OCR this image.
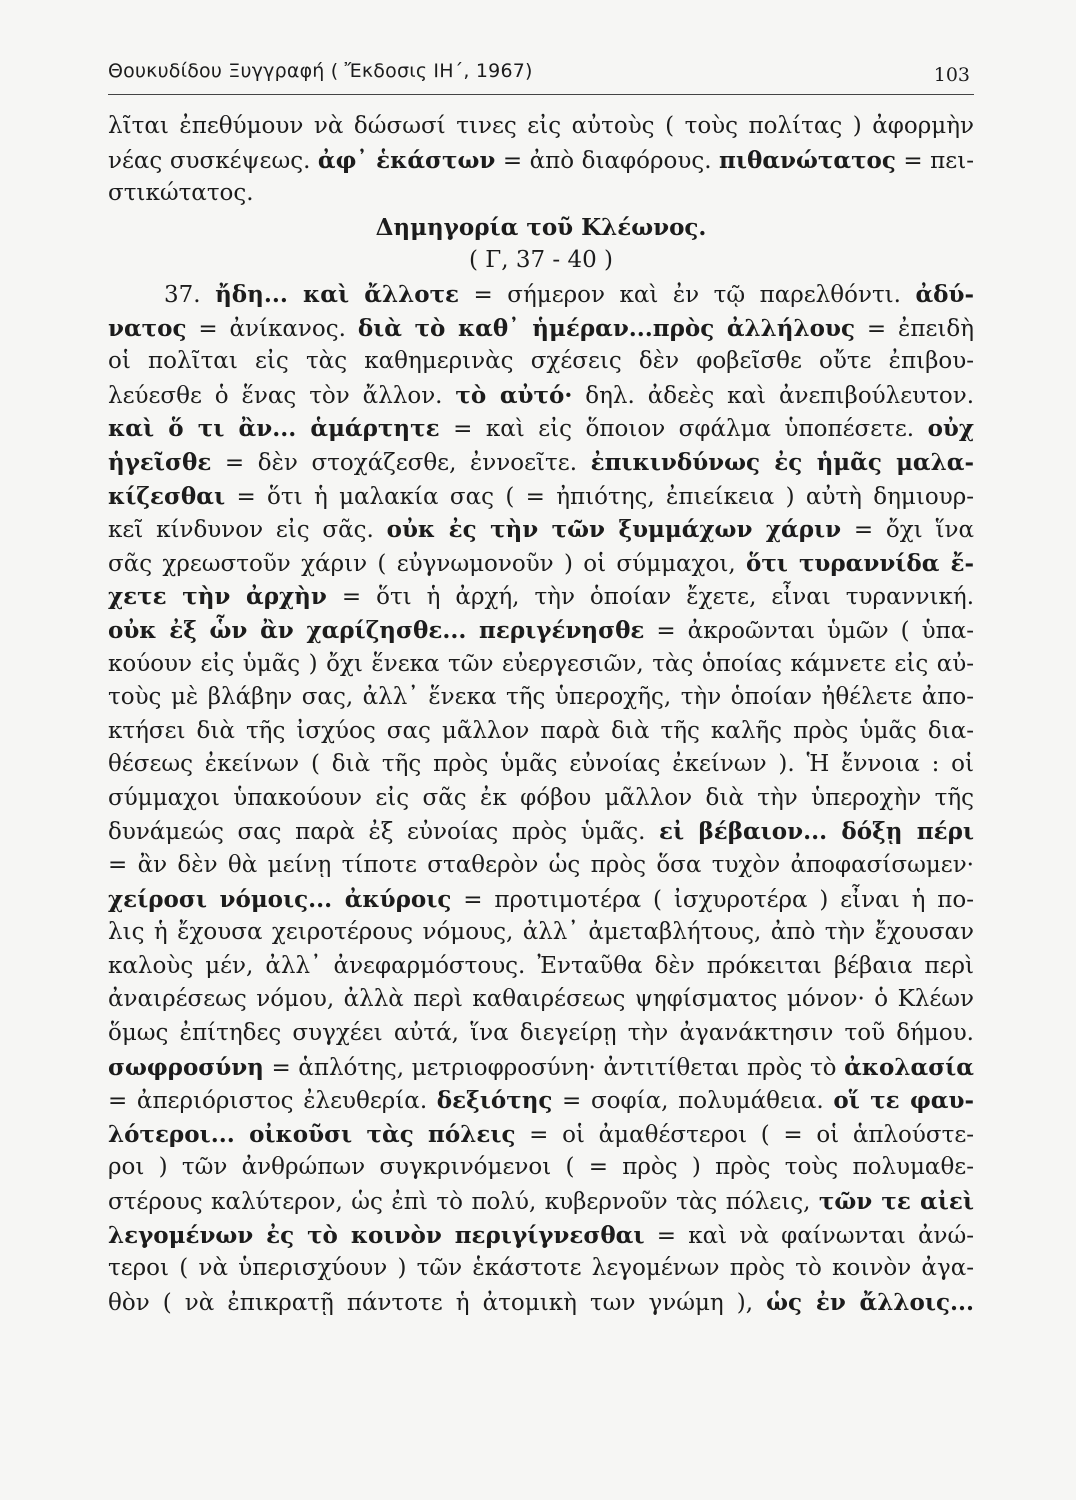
Θουκυδίδου Ξυγγραφή ( Ἔκδοσις ΙΗ΄, 1967)	103
λῖται ἐπεθύμουν νὰ δώσωσί τινες εἰς αὐτοὺς ( τοὺς πολίτας ) ἀφορμὴν
νέας συσκέψεως. ἀφ᾽ ἑκάστων = ἀπὸ διαφόρους. πιθανώτατος = πει-
στικώτατος.
Δημηγορία τοῦ Κλέωνος.
( Γ, 37 - 40 )
37. ἤδη... καὶ ἄλλοτε = σήμερον καὶ ἐν τῷ παρελθόντι. ἀδύ-
νατος = ἀνίκανος. διὰ τὸ καθ᾽ ἡμέραν...πρὸς ἀλλήλους = ἐπειδὴ
οἱ πολῖται εἰς τὰς καθημερινὰς σχέσεις δὲν φοβεῖσθε οὔτε ἐπιβου-
λεύεσθε ὁ ἕνας τὸν ἄλλον. τὸ αὐτό· δηλ. ἀδεὲς καὶ ἀνεπιβούλευτον.
καὶ ὅ τι ἂν... ἁμάρτητε = καὶ εἰς ὅποιον σφάλμα ὑποπέσετε. οὐχ
ἡγεῖσθε = δὲν στοχάζεσθε, ἐννοεῖτε. ἐπικινδύνως ἐς ἡμᾶς μαλα-
κίζεσθαι = ὅτι ἡ μαλακία σας ( = ἠπιότης, ἐπιείκεια ) αὐτὴ δημιουρ-
κεῖ κίνδυνον εἰς σᾶς. οὐκ ἐς τὴν τῶν ξυμμάχων χάριν = ὄχι ἵνα
σᾶς χρεωστοῦν χάριν ( εὐγνωμονοῦν ) οἱ σύμμαχοι, ὅτι τυραννίδα ἔ-
χετε τὴν ἀρχὴν = ὅτι ἡ ἀρχή, τὴν ὁποίαν ἔχετε, εἶναι τυραννική.
οὐκ ἐξ ὧν ἂν χαρίζησθε... περιγένησθε = ἀκροῶνται ὑμῶν ( ὑπα-
κούουν εἰς ὑμᾶς ) ὄχι ἕνεκα τῶν εὐεργεσιῶν, τὰς ὁποίας κάμνετε εἰς αὐ-
τοὺς μὲ βλάβην σας, ἀλλ᾽ ἕνεκα τῆς ὑπεροχῆς, τὴν ὁποίαν ἠθέλετε ἀπο-
κτήσει διὰ τῆς ἰσχύος σας μᾶλλον παρὰ διὰ τῆς καλῆς πρὸς ὑμᾶς δια-
θέσεως ἐκείνων ( διὰ τῆς πρὸς ὑμᾶς εὐνοίας ἐκείνων ). Ἡ ἔννοια : οἱ
σύμμαχοι ὑπακούουν εἰς σᾶς ἐκ φόβου μᾶλλον διὰ τὴν ὑπεροχὴν τῆς
δυνάμεώς σας παρὰ ἐξ εὐνοίας πρὸς ὑμᾶς. εἰ βέβαιον... δόξῃ πέρι
= ἂν δὲν θὰ μείνῃ τίποτε σταθερὸν ὡς πρὸς ὅσα τυχὸν ἀποφασίσωμεν·
χείροσι νόμοις... ἀκύροις = προτιμοτέρα ( ἰσχυροτέρα ) εἶναι ἡ πο-
λις ἡ ἔχουσα χειροτέρους νόμους, ἀλλ᾽ ἀμεταβλήτους, ἀπὸ τὴν ἔχουσαν
καλοὺς μέν, ἀλλ᾽ ἀνεφαρμόστους. Ἐνταῦθα δὲν πρόκειται βέβαια περὶ
ἀναιρέσεως νόμου, ἀλλὰ περὶ καθαιρέσεως ψηφίσματος μόνον· ὁ Κλέων
ὅμως ἐπίτηδες συγχέει αὐτά, ἵνα διεγείρῃ τὴν ἀγανάκτησιν τοῦ δήμου.
σωφροσύνη = ἁπλότης, μετριοφροσύνη· ἀντιτίθεται πρὸς τὸ ἀκολασία
= ἀπεριόριστος ἐλευθερία. δεξιότης = σοφία, πολυμάθεια. οἵ τε φαυ-
λότεροι... οἰκοῦσι τὰς πόλεις = οἱ ἀμαθέστεροι ( = οἱ ἁπλούστε-
ροι ) τῶν ἀνθρώπων συγκρινόμενοι ( = πρὸς ) πρὸς τοὺς πολυμαθε-
στέρους καλύτερον, ὡς ἐπὶ τὸ πολύ, κυβερνοῦν τὰς πόλεις, τῶν τε αἰεὶ
λεγομένων ἐς τὸ κοινὸν περιγίγνεσθαι = καὶ νὰ φαίνωνται ἀνώ-
τεροι ( νὰ ὑπερισχύουν ) τῶν ἑκάστοτε λεγομένων πρὸς τὸ κοινὸν ἀγα-
θὸν ( νὰ ἐπικρατῇ πάντοτε ἡ ἀτομικὴ των γνώμη ), ὡς ἐν ἄλλοις...
